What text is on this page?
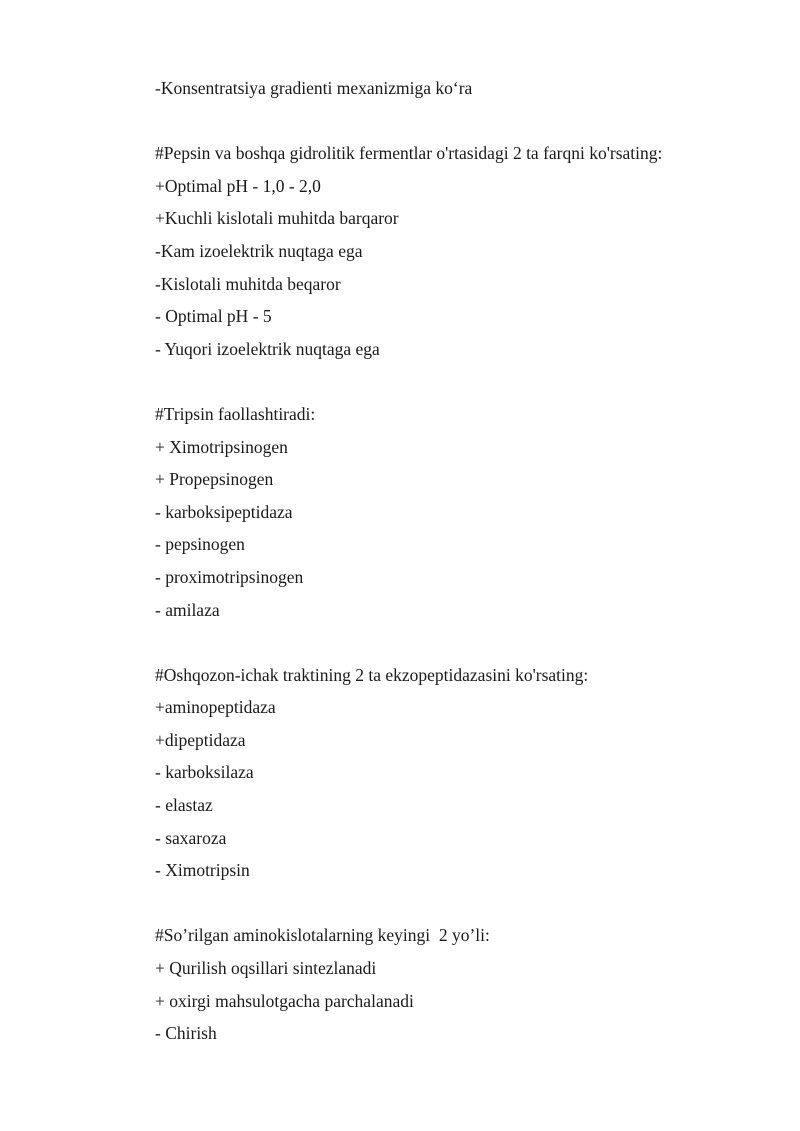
-Konsentratsiya gradienti mexanizmiga ko‘ra
#Pepsin va boshqa gidrolitik fermentlar o'rtasidagi 2 ta farqni ko'rsating:
+Optimal pH - 1,0 - 2,0
+Kuchli kislotali muhitda barqaror
-Kam izoelektrik nuqtaga ega
-Kislotali muhitda beqaror
- Optimal pH - 5
- Yuqori izoelektrik nuqtaga ega
#Tripsin faollashtiradi:
+ Ximotripsinogen
+ Propepsinogen
- karboksipeptidaza
- pepsinogen
- proximotripsinogen
- amilaza
#Oshqozon-ichak traktining 2 ta ekzopeptidazasini ko'rsating:
+aminopeptidaza
+dipeptidaza
- karboksilaza
- elastaz
- saxaroza
- Ximotripsin
#So’rilgan aminokislotalarning keyingi  2 yo’li:
+ Qurilish oqsillari sintezlanadi
+ oxirgi mahsulotgacha parchalanadi
- Chirish
